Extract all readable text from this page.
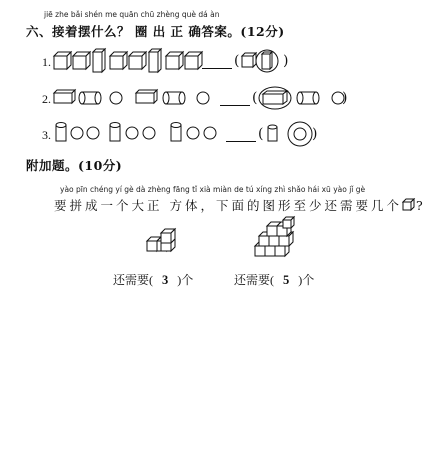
jiē zhe bǎi shén me quān chū zhèng què dá àn
六、接着摆什么？ 圈 出 正 确答案。(12分)
1.	(	)
2.	(	)
3.	(	)
附加题。(10分)
yào pīn chéng yí gè dà zhèng fāng tǐ xià miàn de tú xíng zhì shǎo hái xū yào jǐ gè
要拼成一个大正 方体，下面的图形至少还需要几个 ?
还需要( 3 )个	还需要( 5 )个
